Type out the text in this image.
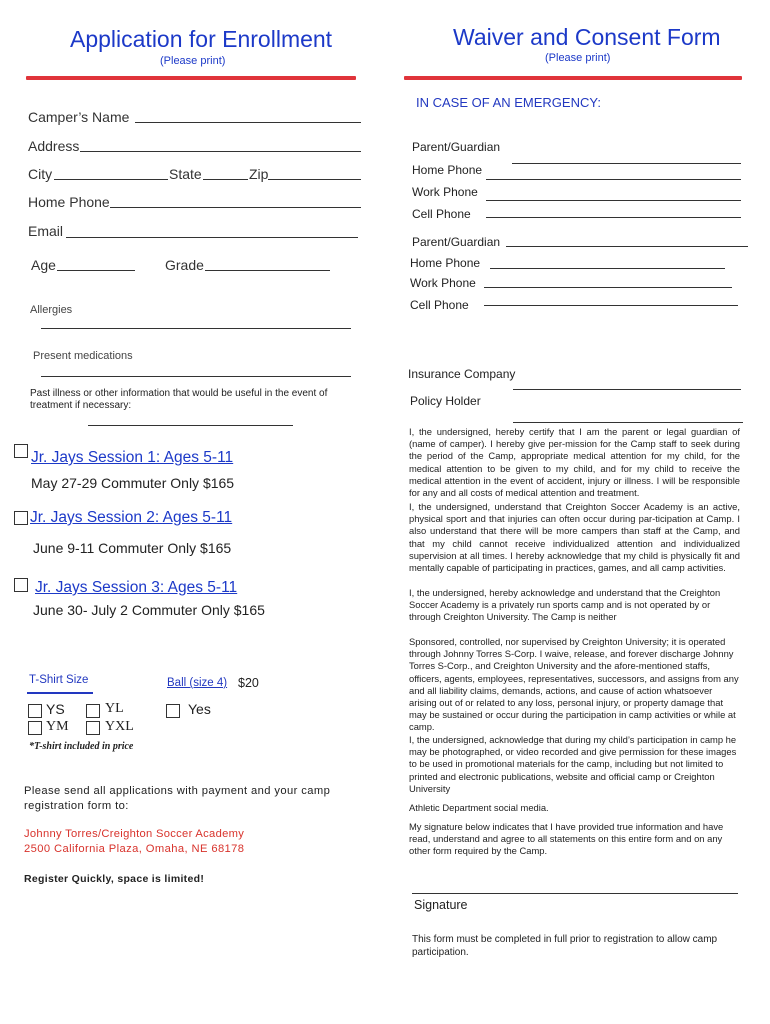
Application for Enrollment
(Please print)
Camper’s Name
Address
City	State	Zip
Home Phone
Email
Age	Grade
Allergies
Present medications
Past illness or other information that would be useful in the event of treatment if necessary:
Jr. Jays Session 1: Ages 5-11
May 27-29 Commuter Only $165
Jr. Jays Session 2: Ages 5-11
June 9-11 Commuter Only $165
Jr. Jays Session 3: Ages 5-11
June 30- July 2 Commuter Only $165
T-Shirt Size	Ball (size 4) $20
YS	YL
YM	YXL
Yes
*T-shirt included in price
Please send all applications with payment and your camp registration form to:
Johnny Torres/Creighton Soccer Academy
2500 California Plaza, Omaha, NE 68178
Register Quickly, space is limited!
Waiver and Consent Form
(Please print)
IN CASE OF AN EMERGENCY:
Parent/Guardian
Home Phone
Work Phone
Cell Phone
Parent/Guardian
Home Phone
Work Phone
Cell Phone
Insurance Company
Policy Holder
I, the undersigned, hereby certify that I am the parent or legal guardian of (name of camper). I hereby give per-mission for the Camp staff to seek during the period of the Camp, appropriate medical attention for my child, for the medical attention to be given to my child, and for my child to receive the medical attention in the event of accident, injury or illness. I will be responsible for any and all costs of medical attention and treatment.
I, the undersigned, understand that Creighton Soccer Academy is an active, physical sport and that injuries can often occur during par-ticipation at Camp. I also understand that there will be more campers than staff at the Camp, and that my child cannot receive individualized attention and individualized supervision at all times. I hereby acknowledge that my child is physically fit and mentally capable of participating in practices, games, and all camp activities.
I, the undersigned, hereby acknowledge and understand that the Creighton Soccer Academy is a privately run sports camp and is not operated by or through Creighton University. The Camp is neither
Sponsored, controlled, nor supervised by Creighton University; it is operated through Johnny Torres S-Corp. I waive, release, and forever discharge Johnny Torres S-Corp., and Creighton University and the afore-mentioned staffs, officers, agents, employees, representatives, successors, and assigns from any and all liability claims, demands, actions, and cause of action whatsoever arising out of or related to any loss, personal injury, or property damage that may be sustained or occur during the participation in camp activities or while at camp.
I, the undersigned, acknowledge that during my child’s participation in camp he may be photographed, or video recorded and give permission for these images to be used in promotional materials for the camp, including but not limited to printed and electronic publications, website and official camp or Creighton University
Athletic Department social media.
My signature below indicates that I have provided true information and have read, understand and agree to all statements on this entire form and on any other form required by the Camp.
Signature
This form must be completed in full prior to registration to allow camp participation.
